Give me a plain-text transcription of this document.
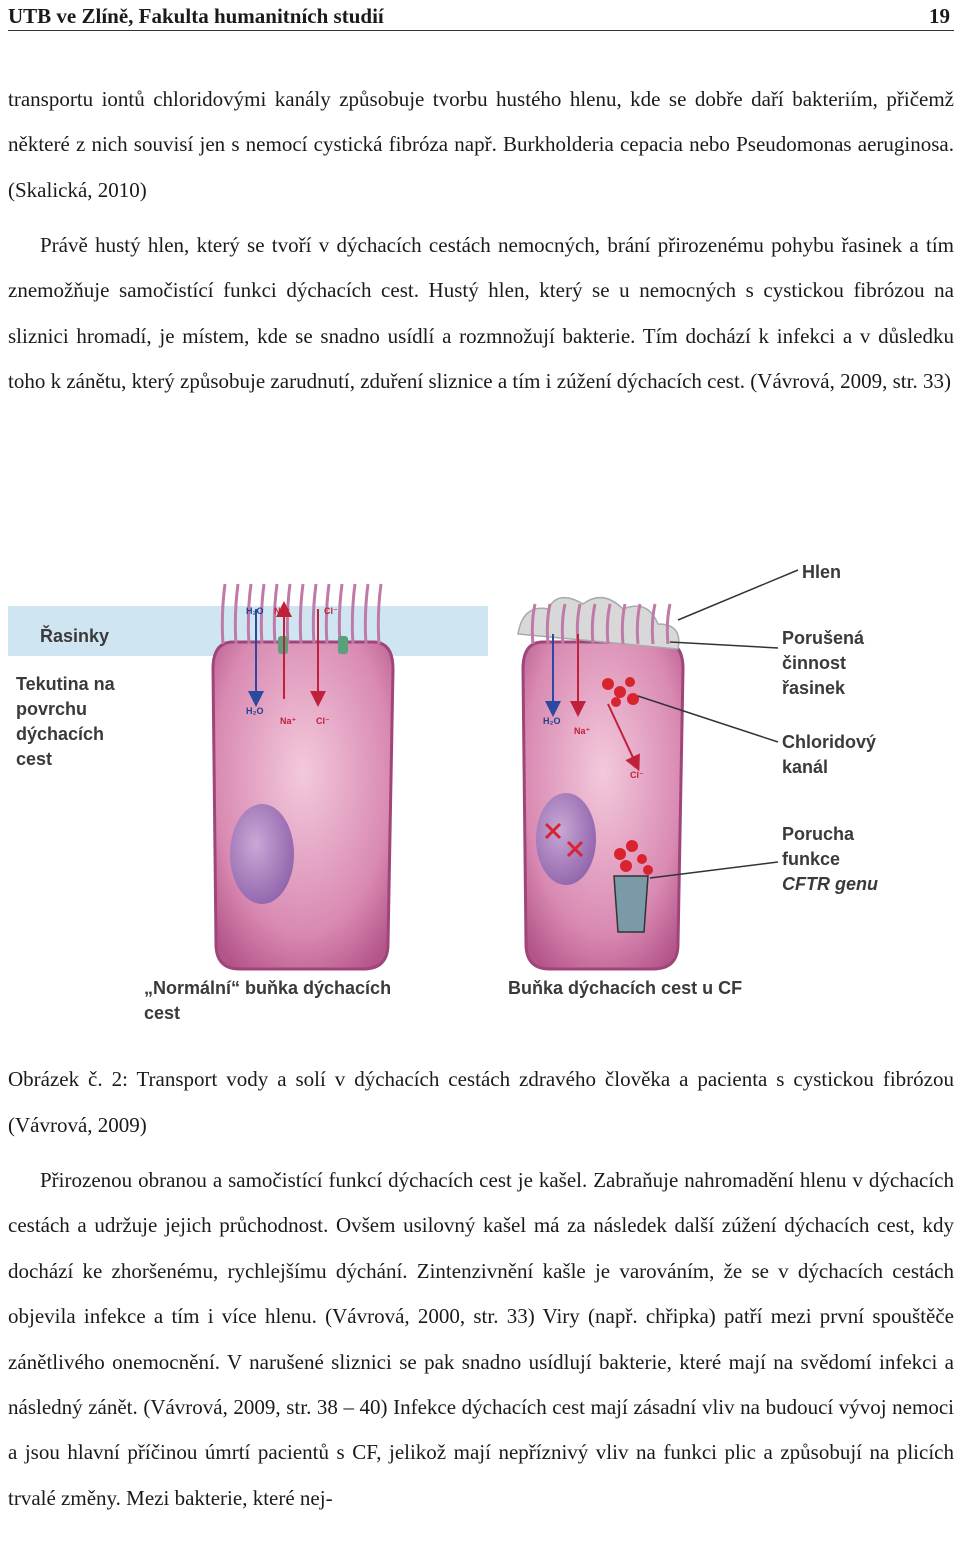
UTB ve Zlíně, Fakulta humanitních studií	19
transportu iontů chloridovými kanály způsobuje tvorbu hustého hlenu, kde se dobře daří bakteriím, přičemž některé z nich souvisí jen s nemocí cystická fibróza např. Burkholderia cepacia nebo Pseudomonas aeruginosa. (Skalická, 2010)
Právě hustý hlen, který se tvoří v dýchacích cestách nemocných, brání přirozenému pohybu řasinek a tím znemožňuje samočistící funkci dýchacích cest. Hustý hlen, který se u nemocných s cystickou fibrózou na sliznici hromadí, je místem, kde se snadno usídlí a rozmnožují bakterie. Tím dochází k infekci a v důsledku toho k zánětu, který způsobuje zarudnutí, zduření sliznice a tím i zúžení dýchacích cest. (Vávrová, 2009, str. 33)
H₂O Na⁺	Cl⁻
H₂O
Na⁺ Cl⁻	H₂O
Na⁺
Cl⁻
Řasinky
Tekutina na
povrchu
dýchacích
cest
Hlen
Porušená
činnost
řasinek
Chloridový
kanál
Porucha
funkce
CFTR genu
„Normální“ buňka dýchacích
cest
Buňka dýchacích cest u CF
Obrázek č. 2: Transport vody a solí v dýchacích cestách zdravého člověka a pacienta s cystickou fibrózou (Vávrová, 2009)
Přirozenou obranou a samočistící funkcí dýchacích cest je kašel. Zabraňuje nahromadění hlenu v dýchacích cestách a udržuje jejich průchodnost. Ovšem usilovný kašel má za následek další zúžení dýchacích cest, kdy dochází ke zhoršenému, rychlejšímu dýchání. Zintenzivnění kašle je varováním, že se v dýchacích cestách objevila infekce a tím i více hlenu. (Vávrová, 2000, str. 33) Viry (např. chřipka) patří mezi první spouštěče zánětlivého onemocnění. V narušené sliznici se pak snadno usídlují bakterie, které mají na svědomí infekci a následný zánět. (Vávrová, 2009, str. 38 – 40) Infekce dýchacích cest mají zásadní vliv na budoucí vývoj nemoci a jsou hlavní příčinou úmrtí pacientů s CF, jelikož mají nepříznivý vliv na funkci plic a způsobují na plicích trvalé změny. Mezi bakterie, které nej-
